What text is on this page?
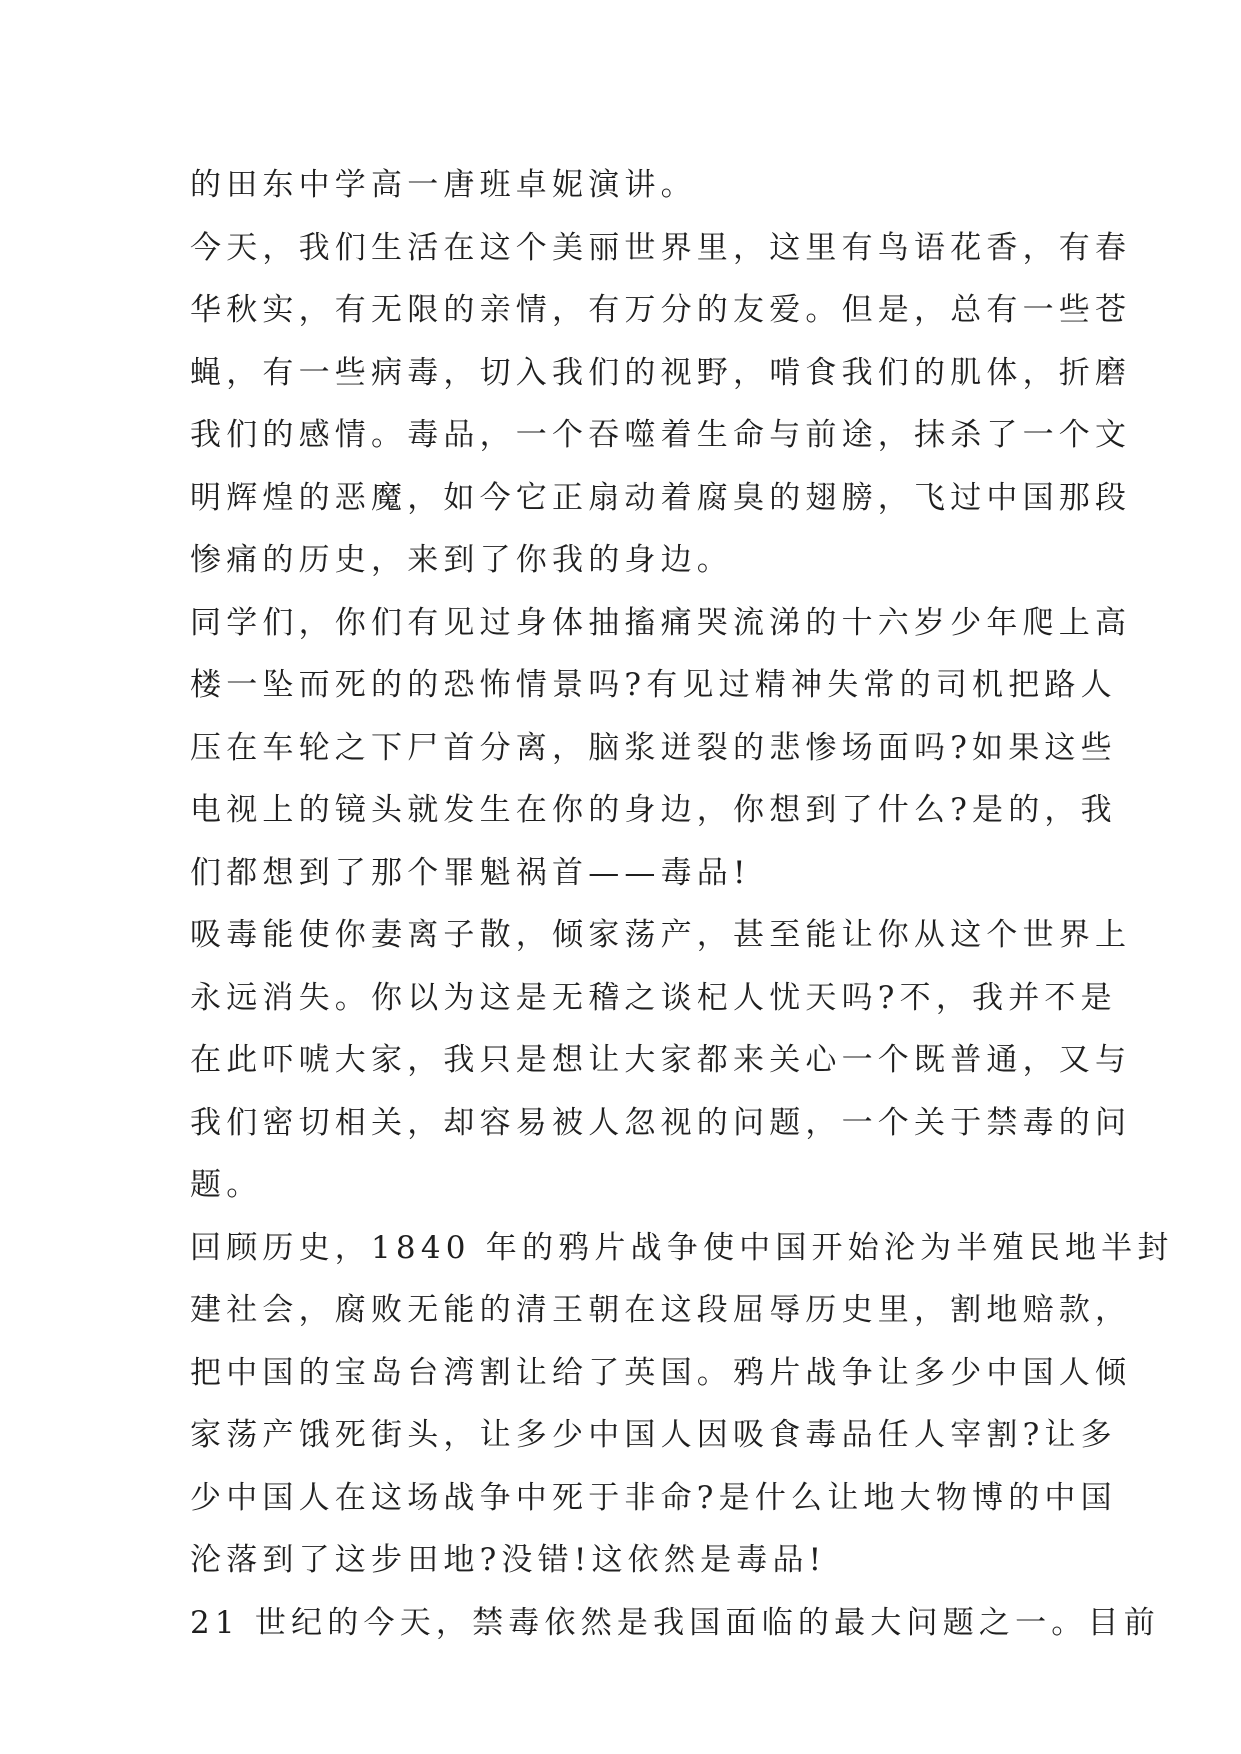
的田东中学高一唐班卓妮演讲。
今天，我们生活在这个美丽世界里，这里有鸟语花香，有春
华秋实，有无限的亲情，有万分的友爱。但是，总有一些苍
蝇，有一些病毒，切入我们的视野，啃食我们的肌体，折磨
我们的感情。毒品，一个吞噬着生命与前途，抹杀了一个文
明辉煌的恶魔，如今它正扇动着腐臭的翅膀，飞过中国那段
惨痛的历史，来到了你我的身边。
同学们，你们有见过身体抽搐痛哭流涕的十六岁少年爬上高
楼一坠而死的的恐怖情景吗?有见过精神失常的司机把路人
压在车轮之下尸首分离，脑浆迸裂的悲惨场面吗?如果这些
电视上的镜头就发生在你的身边，你想到了什么?是的，我
们都想到了那个罪魁祸首——毒品!
吸毒能使你妻离子散，倾家荡产，甚至能让你从这个世界上
永远消失。你以为这是无稽之谈杞人忧天吗?不，我并不是
在此吓唬大家，我只是想让大家都来关心一个既普通，又与
我们密切相关，却容易被人忽视的问题，一个关于禁毒的问
题。
回顾历史，1840 年的鸦片战争使中国开始沦为半殖民地半封
建社会，腐败无能的清王朝在这段屈辱历史里，割地赔款，
把中国的宝岛台湾割让给了英国。鸦片战争让多少中国人倾
家荡产饿死街头，让多少中国人因吸食毒品任人宰割?让多
少中国人在这场战争中死于非命?是什么让地大物博的中国
沦落到了这步田地?没错!这依然是毒品!
21 世纪的今天，禁毒依然是我国面临的最大问题之一。目前
